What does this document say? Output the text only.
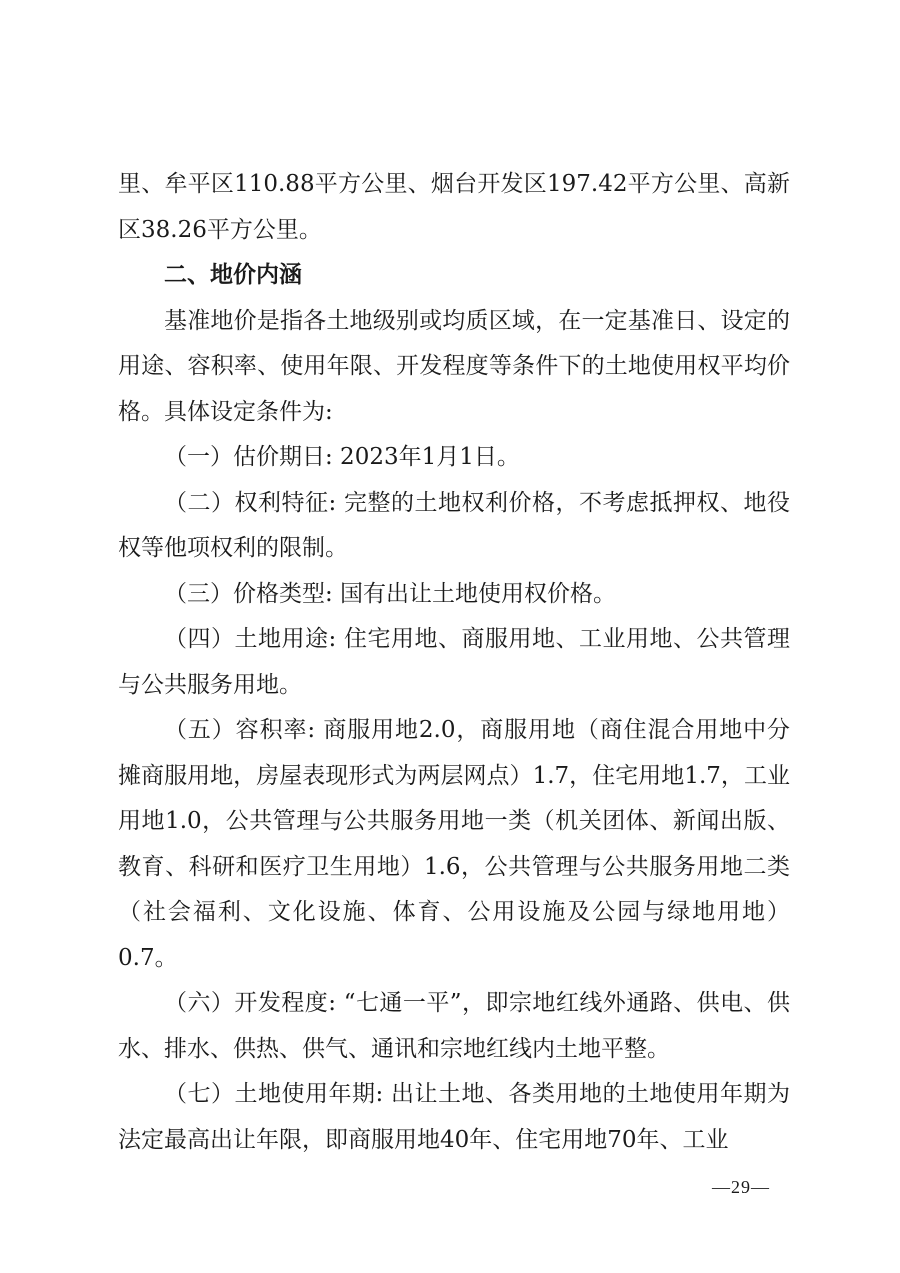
里、牟平区110.88平方公里、烟台开发区197.42平方公里、高新区38.26平方公里。

二、地价内涵

基准地价是指各土地级别或均质区域，在一定基准日、设定的用途、容积率、使用年限、开发程度等条件下的土地使用权平均价格。具体设定条件为:

（一）估价期日: 2023年1月1日。

（二）权利特征: 完整的土地权利价格，不考虑抵押权、地役权等他项权利的限制。

（三）价格类型: 国有出让土地使用权价格。

（四）土地用途: 住宅用地、商服用地、工业用地、公共管理与公共服务用地。

（五）容积率: 商服用地2.0，商服用地（商住混合用地中分摊商服用地，房屋表现形式为两层网点）1.7，住宅用地1.7，工业用地1.0，公共管理与公共服务用地一类（机关团体、新闻出版、教育、科研和医疗卫生用地）1.6，公共管理与公共服务用地二类（社会福利、文化设施、体育、公用设施及公园与绿地用地）0.7。

（六）开发程度: “七通一平”，即宗地红线外通路、供电、供水、排水、供热、供气、通讯和宗地红线内土地平整。

（七）土地使用年期: 出让土地、各类用地的土地使用年期为法定最高出让年限，即商服用地40年、住宅用地70年、工业

—29—
